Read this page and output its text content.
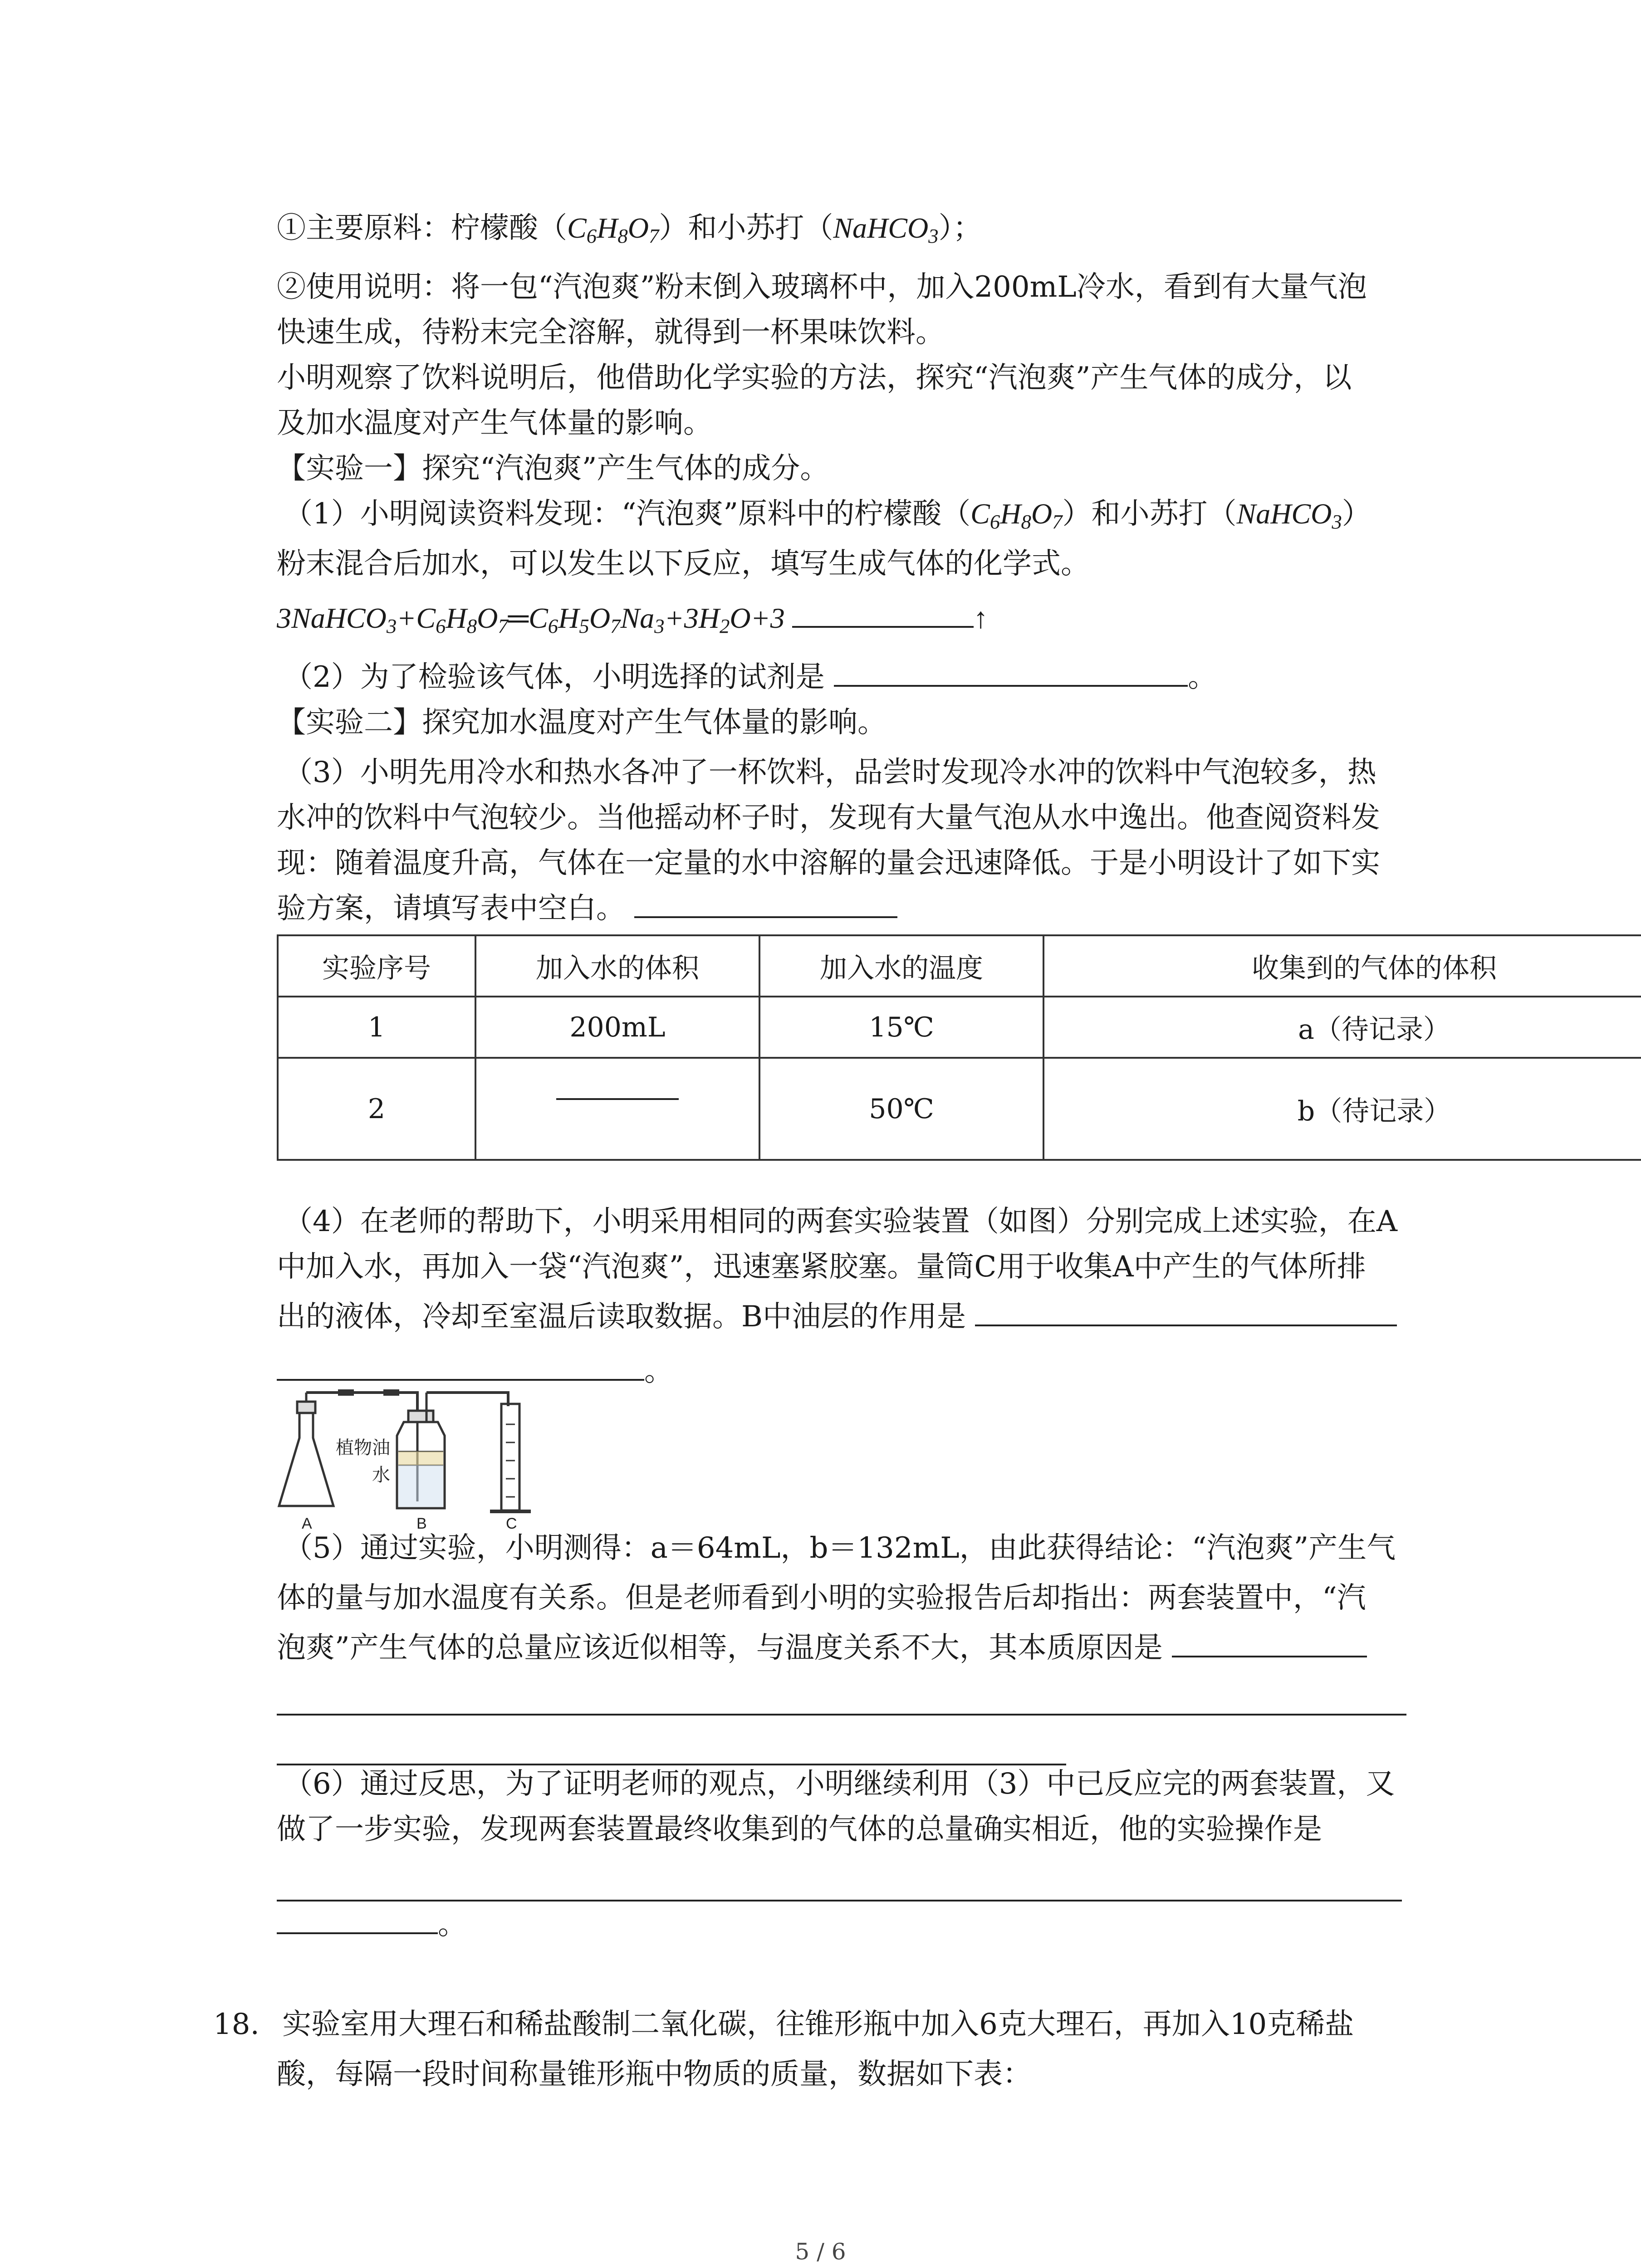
①主要原料：柠檬酸$(C_6H_8O_7)$和小苏打（NaHCO$_3$）；
②使用说明：将一包“汽泡爽”粉末倒入玻璃杯中，加入200mL冷水，看到有大量气泡
快速生成，待粉末完全溶解，就得到一杯果味饮料。
小明观察了饮料说明后，他借助化学实验的方法，探究“汽泡爽”产生气体的成分，以
及加水温度对产生气体量的影响。
【实验一】探究“汽泡爽”产生气体的成分。
（1）小明阅读资料发现：“汽泡爽”原料中的柠檬酸$(C_6H_8O_7)$和小苏打（NaHCO$_3$）
粉末混合后加水，可以发生以下反应，填写生成气体的化学式。
$3NaHCO_3+C_6H_8O_7═C_6H_5O_7Na_3+3H_2O+3$	↑
（2）为了检验该气体，小明选择的试剂是	。
【实验二】探究加水温度对产生气体量的影响。
（3）小明先用冷水和热水各冲了一杯饮料，品尝时发现冷水冲的饮料中气泡较多，热
水冲的饮料中气泡较少。当他摇动杯子时，发现有大量气泡从水中逸出。他查阅资料发
现：随着温度升高，气体在一定量的水中溶解的量会迅速降低。于是小明设计了如下实
验方案，请填写表中空白。
实验序号	加入水的体积	加入水的温度	收集到的气体的体积
1	200mL	15℃	a（待记录）
2		50℃	b（待记录）
（4）在老师的帮助下，小明采用相同的两套实验装置（如图）分别完成上述实验，在A
中加入水，再加入一袋“汽泡爽”，迅速塞紧胶塞。量筒C用于收集A中产生的气体所排
出的液体，冷却至室温后读取数据。B中油层的作用是
。
植物油
水
A	B	C
（5）通过实验，小明测得：a＝64mL，b＝132mL，由此获得结论：“汽泡爽”产生气
体的量与加水温度有关系。但是老师看到小明的实验报告后却指出：两套装置中，“汽
泡爽”产生气体的总量应该近似相等，与温度关系不大，其本质原因是
（6）通过反思，为了证明老师的观点，小明继续利用（3）中已反应完的两套装置，又
做了一步实验，发现两套装置最终收集到的气体的总量确实相近，他的实验操作是
。
18. 实验室用大理石和稀盐酸制二氧化碳，往锥形瓶中加入6克大理石，再加入10克稀盐
酸，每隔一段时间称量锥形瓶中物质的质量，数据如下表：
5 / 6
